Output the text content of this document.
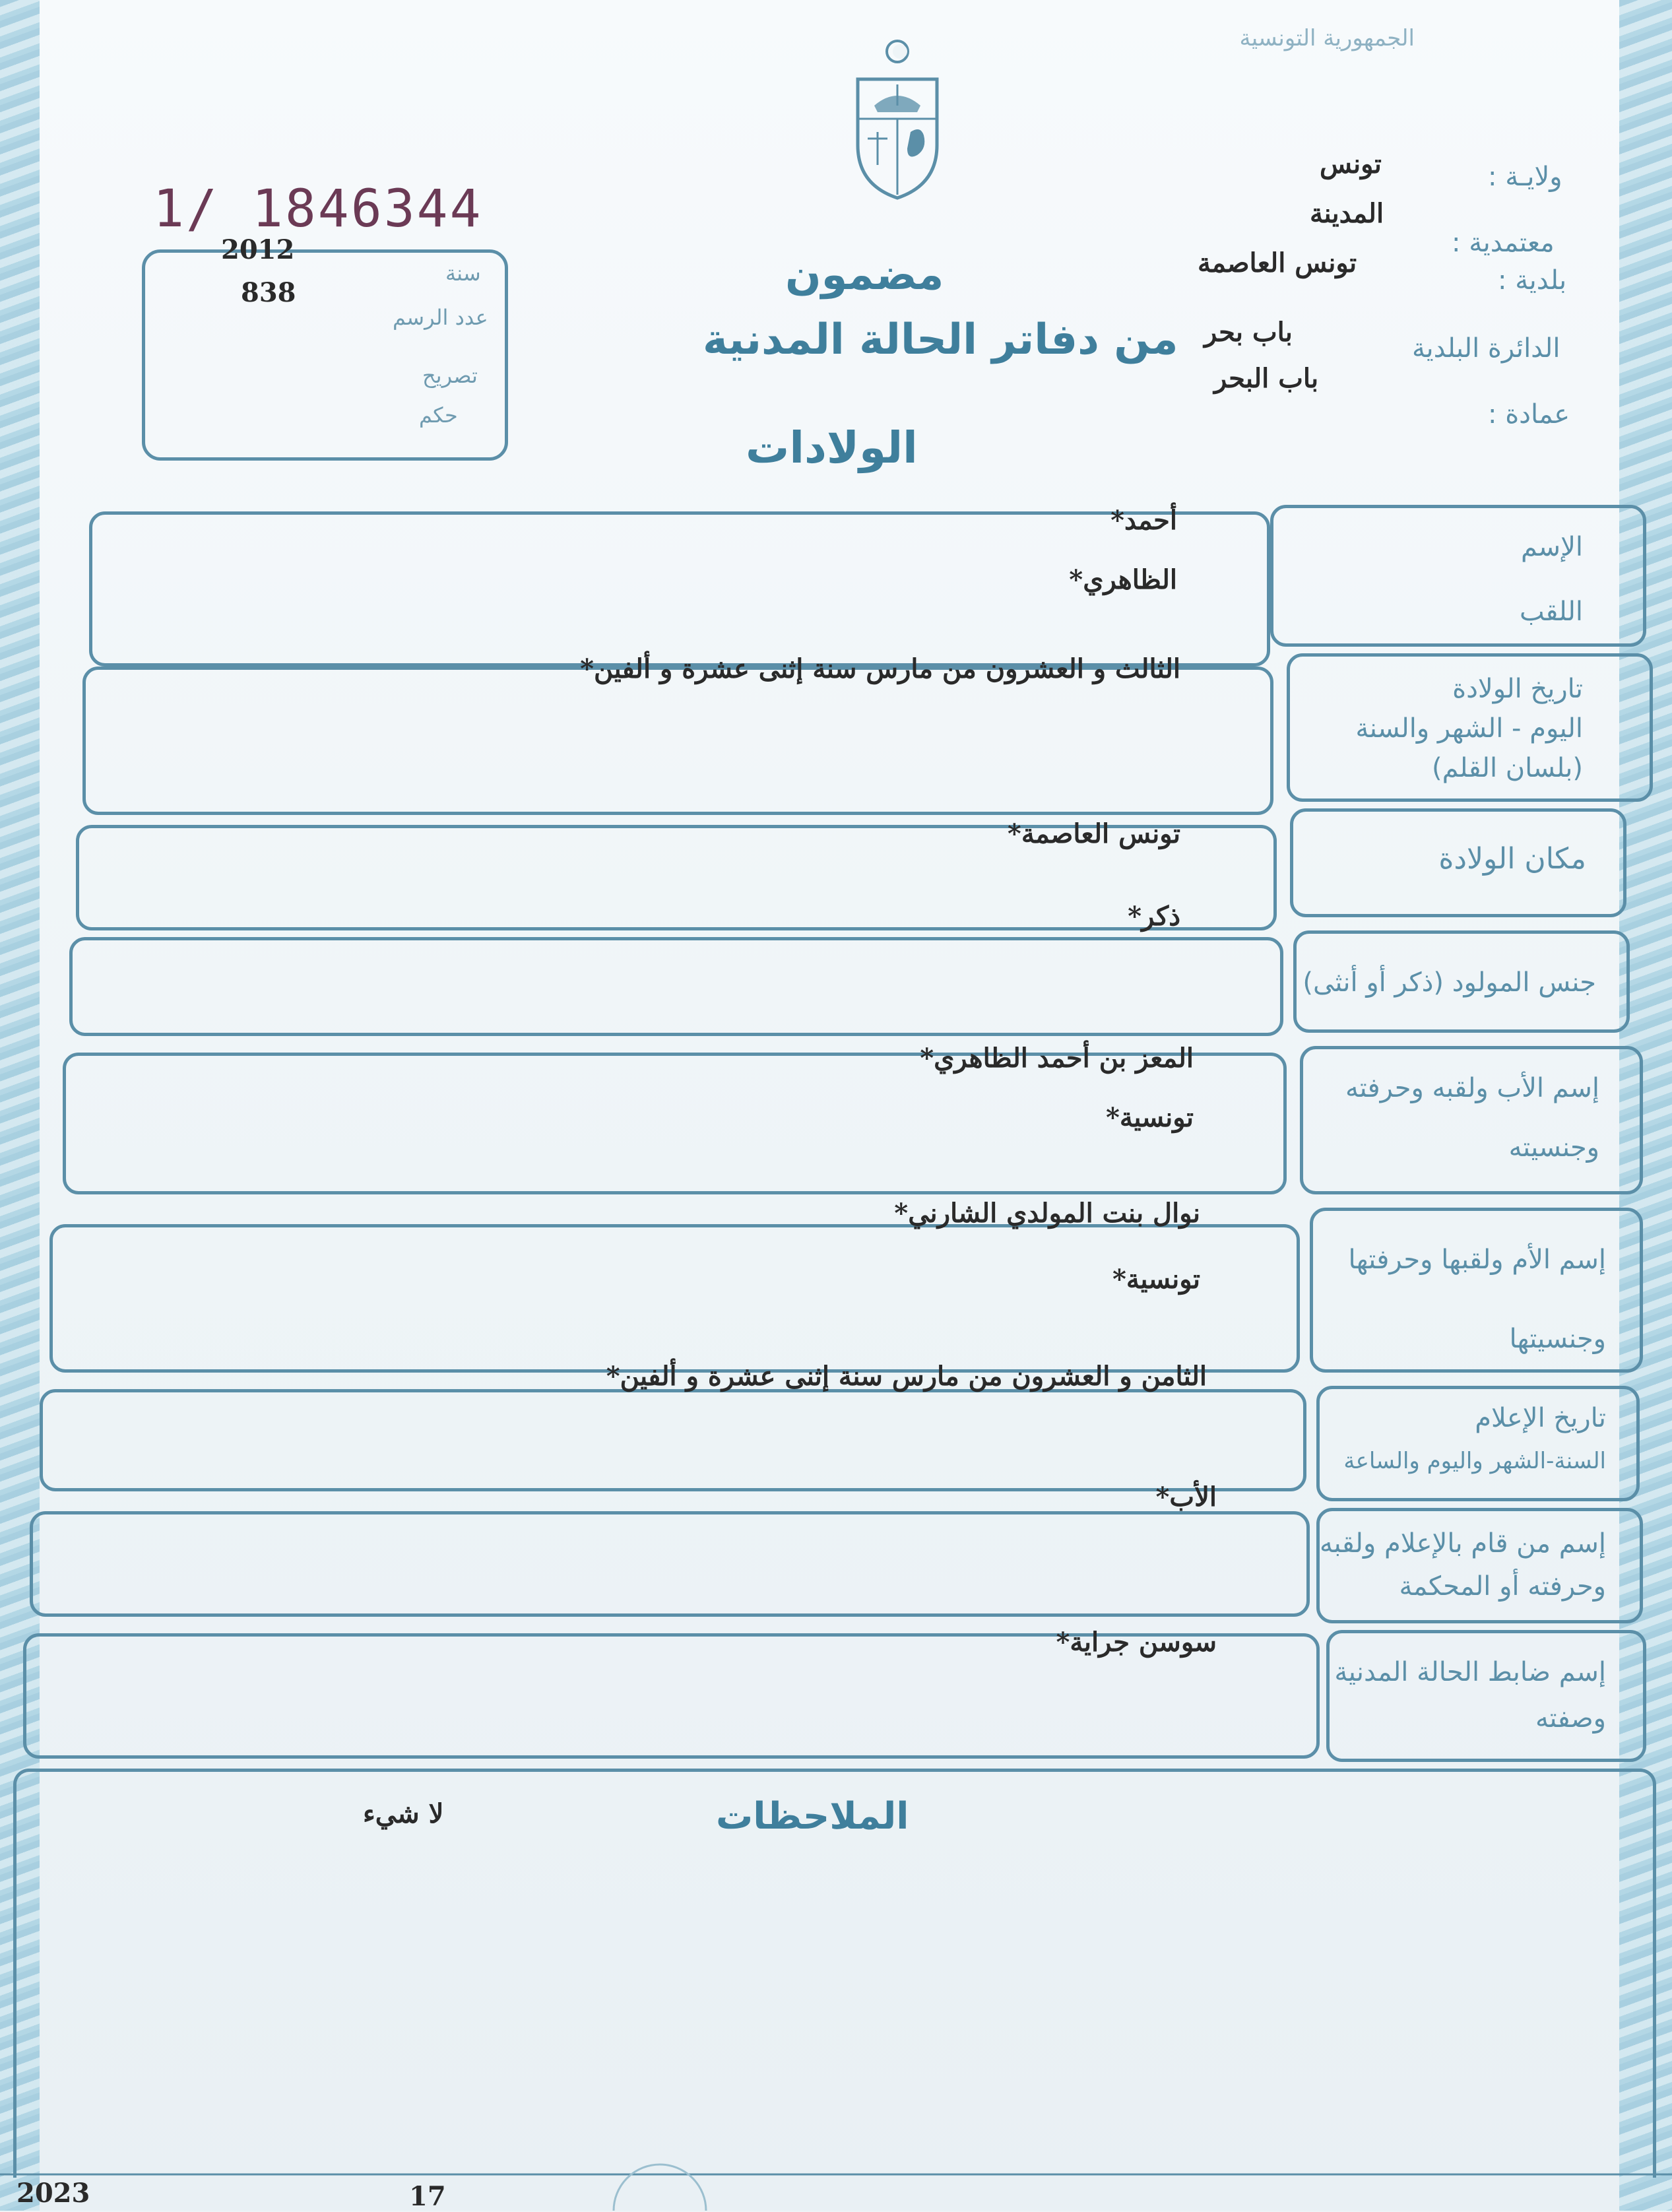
الجمهورية التونسية
1/ 1846344
2012
838
سنة
عدد الرسم
تصريح
حكم
مضمون
من دفاتر الحالة المدنية
الولادات
ولايـة :
تونس
معتمدية :
المدينة
بلدية :
تونس العاصمة
الدائرة البلدية
باب بحر
عمادة :
باب البحر
الإسم
اللقب
أحمد*
الظاهري*
تاريخ الولادة
اليوم - الشهر والسنة
(بلسان القلم)
الثالث و العشرون من مارس سنة إثنى عشرة و ألفين*
مكان الولادة
تونس العاصمة*
جنس المولود (ذكر أو أنثى)
ذكر*
إسم الأب ولقبه وحرفته
وجنسيته
المعز بن أحمد الظاهري*
تونسية*
إسم الأم ولقبها وحرفتها
وجنسيتها
نوال بنت المولدي الشارني*
تونسية*
تاريخ الإعلام
السنة-الشهر واليوم والساعة
الثامن و العشرون من مارس سنة إثنى عشرة و ألفين*
إسم من قام بالإعلام ولقبه
وحرفته أو المحكمة
الأب*
إسم ضابط الحالة المدنية
وصفته
سوسن جراية*
الملاحظات
لا شيء
2023	17
